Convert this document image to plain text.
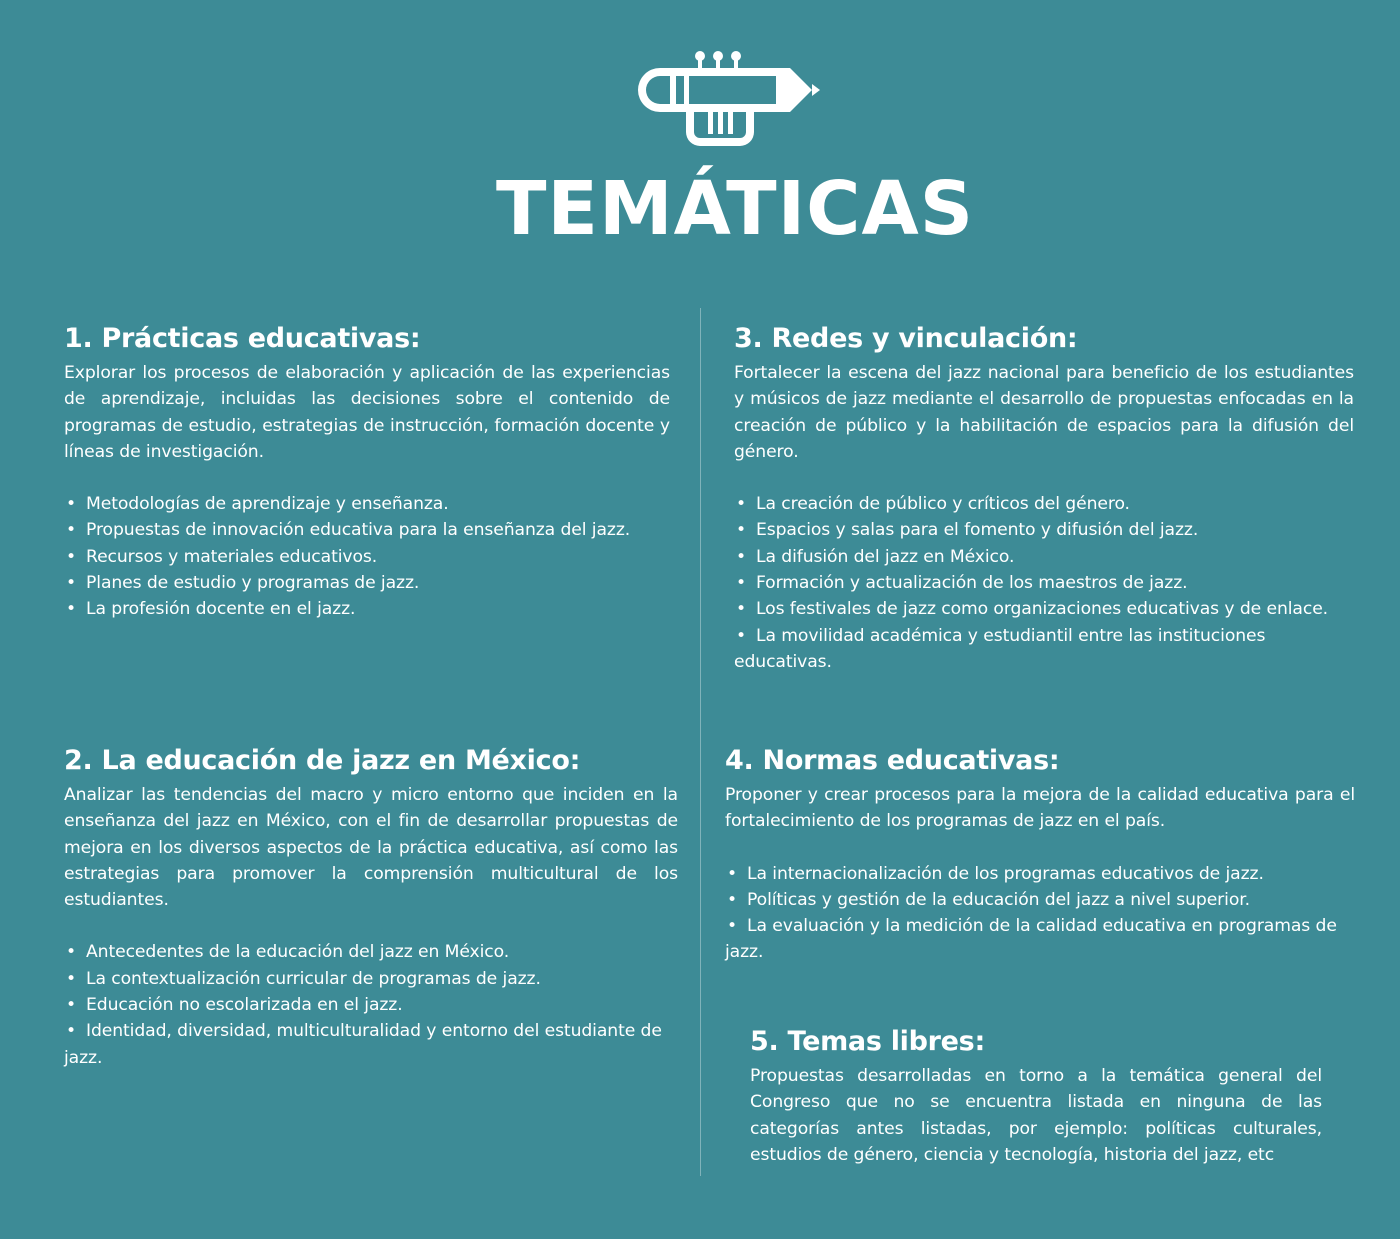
TEMÁTICAS
1. Prácticas educativas:

Explorar los procesos de elaboración y aplicación de las experiencias de aprendizaje, incluidas las decisiones sobre el contenido de programas de estudio, estrategias de instrucción, formación docente y líneas de investigación.

• Metodologías de aprendizaje y enseñanza.
• Propuestas de innovación educativa para la enseñanza del jazz.
• Recursos y materiales educativos.
• Planes de estudio y programas de jazz.
• La profesión docente en el jazz.
2. La educación de jazz en México:

Analizar las tendencias del macro y micro entorno que inciden en la enseñanza del jazz en México, con el fin de desarrollar propuestas de mejora en los diversos aspectos de la práctica educativa, así como las estrategias para promover la comprensión multicultural de los estudiantes.

• Antecedentes de la educación del jazz en México.
• La contextualización curricular de programas de jazz.
• Educación no escolarizada en el jazz.
• Identidad, diversidad, multiculturalidad y entorno del estudiante de jazz.
3. Redes y vinculación:

Fortalecer la escena del jazz nacional para beneficio de los estudiantes y músicos de jazz mediante el desarrollo de propuestas enfocadas en la creación de público y la habilitación de espacios para la difusión del género.

• La creación de público y críticos del género.
• Espacios y salas para el fomento y difusión del jazz.
• La difusión del jazz en México.
• Formación y actualización de los maestros de jazz.
• Los festivales de jazz como organizaciones educativas y de enlace.
• La movilidad académica y estudiantil entre las instituciones educativas.
4. Normas educativas:

Proponer y crear procesos para la mejora de la calidad educativa para el fortalecimiento de los programas de jazz en el país.

• La internacionalización de los programas educativos de jazz.
• Políticas y gestión de la educación del jazz a nivel superior.
• La evaluación y la medición de la calidad educativa en programas de jazz.
5. Temas libres:

Propuestas desarrolladas en torno a la temática general del Congreso que no se encuentra listada en ninguna de las categorías antes listadas, por ejemplo: políticas culturales, estudios de género, ciencia y tecnología, historia del jazz, etc
